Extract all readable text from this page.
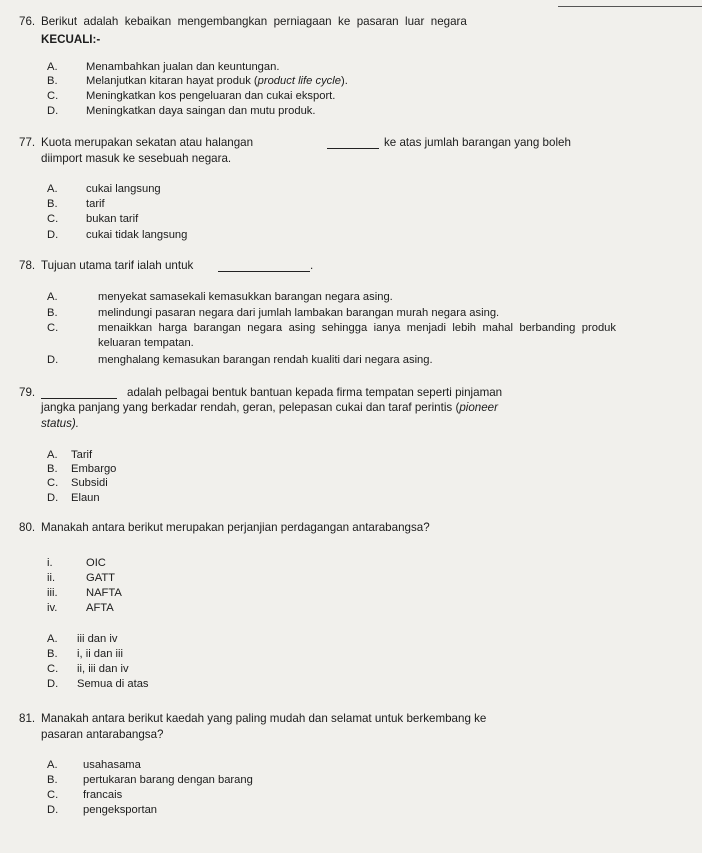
76. Berikut adalah kebaikan mengembangkan perniagaan ke pasaran luar negara
KECUALI:-
A.	Menambahkan jualan dan keuntungan.
B.	Melanjutkan kitaran hayat produk (product life cycle).
C. Meningkatkan kos pengeluaran dan cukai eksport.
D. Meningkatkan daya saingan dan mutu produk.
77. Kuota merupakan sekatan atau halangan	ke atas jumlah barangan yang boleh
diimport masuk ke sesebuah negara.
A.	cukai langsung
B.	tarif
C. bukan tarif
D. cukai tidak langsung
78. Tujuan utama tarif ialah untuk	.
A.	menyekat samasekali kemasukkan barangan negara asing.
B.	melindungi pasaran negara dari jumlah lambakan barangan murah negara asing.
C.	menaikkan harga barangan negara asing sehingga ianya menjadi lebih mahal berbanding produk keluaran tempatan.
D.	menghalang kemasukan barangan rendah kualiti dari negara asing.
79.	adalah pelbagai bentuk bantuan kepada firma tempatan seperti pinjaman
jangka panjang yang berkadar rendah, geran, pelepasan cukai dan taraf perintis (pioneer
status).
A. Tarif
B. Embargo
C. Subsidi
D. Elaun
80. Manakah antara berikut merupakan perjanjian perdagangan antarabangsa?
i.	OIC
ii.	GATT
iii.	NAFTA
iv.	AFTA
A. iii dan iv
B. i, ii dan iii
C. ii, iii dan iv
D. Semua di atas
81. Manakah antara berikut kaedah yang paling mudah dan selamat untuk berkembang ke
pasaran antarabangsa?
A. usahasama
B. pertukaran barang dengan barang
C. francais
D. pengeksportan
